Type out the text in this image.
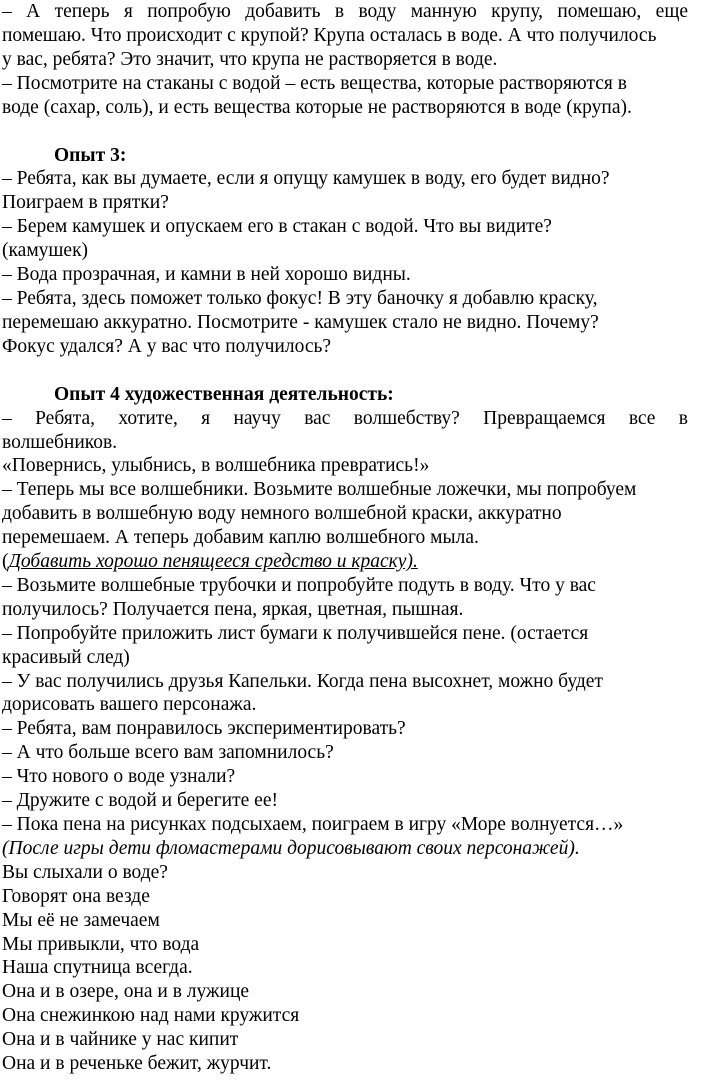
– А теперь я попробую добавить в воду манную крупу, помешаю, еще

помешаю. Что происходит с крупой? Крупа осталась в воде. А что получилось

у вас, ребята? Это значит, что крупа не растворяется в воде.

– Посмотрите на стаканы с водой – есть вещества, которые растворяются в

воде (сахар, соль), и есть вещества которые не растворяются в воде (крупа).

Опыт 3:

– Ребята, как вы думаете, если я опущу камушек в воду, его будет видно?

Поиграем в прятки?

– Берем камушек и опускаем его в стакан с водой. Что вы видите?

(камушек)

– Вода прозрачная, и камни в ней хорошо видны.

– Ребята, здесь поможет только фокус! В эту баночку я добавлю краску,

перемешаю аккуратно. Посмотрите - камушек стало не видно. Почему?

Фокус удался? А у вас что получилось?

Опыт 4 художественная деятельность:

– Ребята, хотите, я научу вас волшебству? Превращаемся все в

волшебников.

«Повернись, улыбнись, в волшебника превратись!»

– Теперь мы все волшебники. Возьмите волшебные ложечки, мы попробуем

добавить в волшебную воду немного волшебной краски, аккуратно

перемешаем. А теперь добавим каплю волшебного мыла.

(Добавить хорошо пенящееся средство и краску).

– Возьмите волшебные трубочки и попробуйте подуть в воду. Что у вас

получилось? Получается пена, яркая, цветная, пышная.

– Попробуйте приложить лист бумаги к получившейся пене. (остается

красивый след)

– У вас получились друзья Капельки. Когда пена высохнет, можно будет

дорисовать вашего персонажа.

– Ребята, вам понравилось экспериментировать?

– А что больше всего вам запомнилось?

– Что нового о воде узнали?

– Дружите с водой и берегите ее!

– Пока пена на рисунках подсыхаем, поиграем в игру «Море волнуется…»

(После игры дети фломастерами дорисовывают своих персонажей).

Вы слыхали о воде?

Говорят она везде

Мы её не замечаем

Мы привыкли, что вода

Наша спутница всегда.

Она и в озере, она и в лужице

Она снежинкою над нами кружится

Она и в чайнике у нас кипит

Она и в реченьке бежит, журчит.
